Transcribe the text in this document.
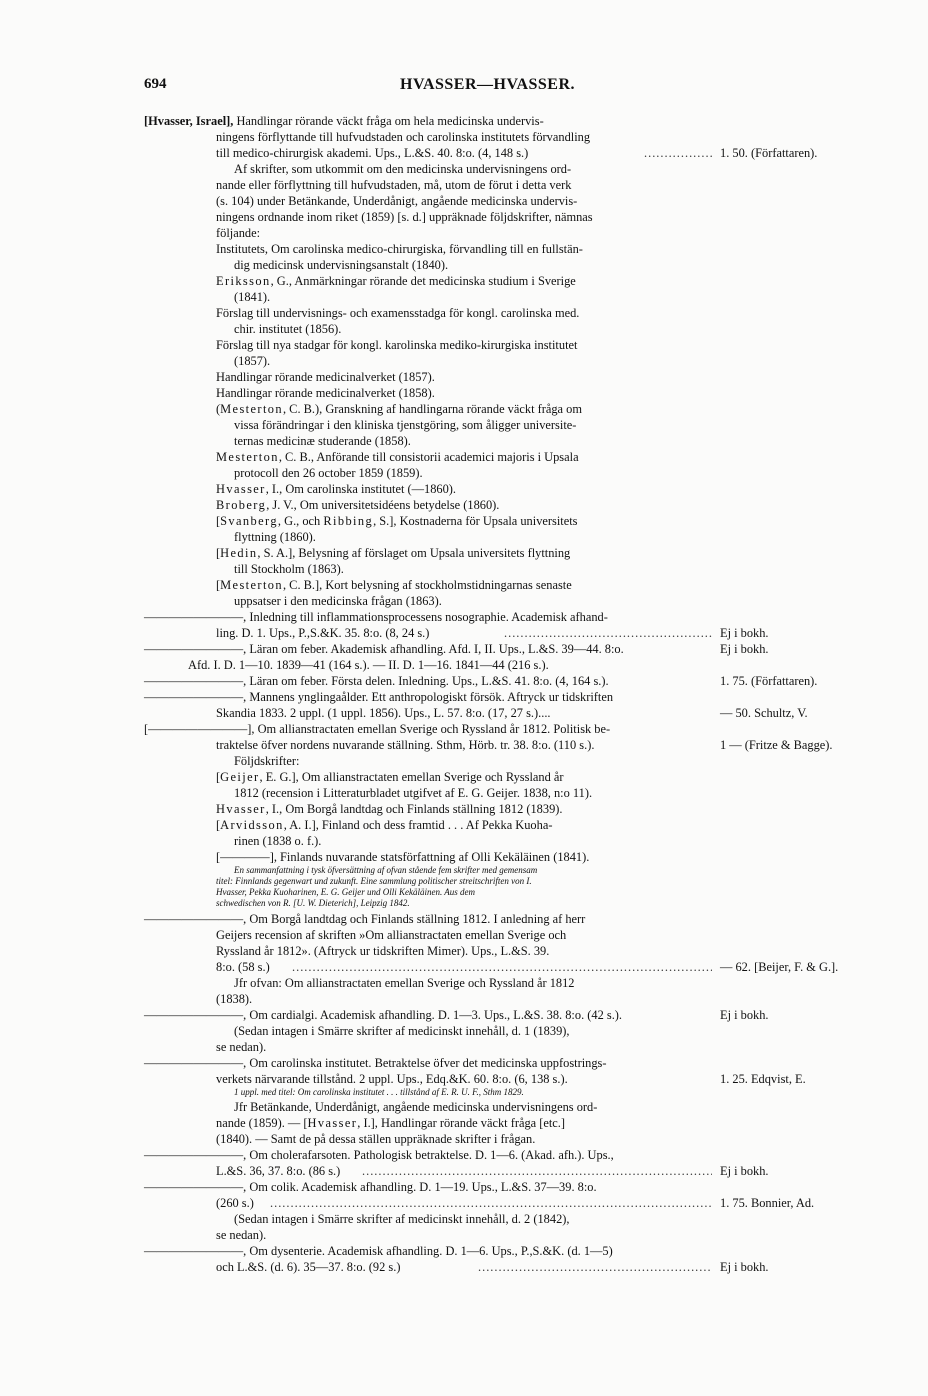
694	HVASSER—HVASSER.
[Hvasser, Israel], Handlingar rörande väckt fråga om hela medicinska undervis-
ningens förflyttande till hufvudstaden och carolinska institutets förvandling
till medico-chirurgisk akademi. Ups., L.&S. 40. 8:o. (4, 148 s.) .....	1. 50. (Författaren).
Af skrifter, som utkommit om den medicinska undervisningens ord-
nande eller förflyttning till hufvudstaden, må, utom de förut i detta verk
(s. 104) under Betänkande, Underdånigt, angående medicinska undervis-
ningens ordnande inom riket (1859) [s. d.] uppräknade följdskrifter, nämnas
följande:
Institutets, Om carolinska medico-chirurgiska, förvandling till en fullstän-
dig medicinsk undervisningsanstalt (1840).
Eriksson, G., Anmärkningar rörande det medicinska studium i Sverige
(1841).
Förslag till undervisnings- och examensstadga för kongl. carolinska med.
chir. institutet (1856).
Förslag till nya stadgar för kongl. karolinska mediko-kirurgiska institutet
(1857).
Handlingar rörande medicinalverket (1857).
Handlingar rörande medicinalverket (1858).
(Mesterton, C. B.), Granskning af handlingarna rörande väckt fråga om
vissa förändringar i den kliniska tjenstgöring, som åligger universite-
ternas medicinæ studerande (1858).
Mesterton, C. B., Anförande till consistorii academici majoris i Upsala
protocoll den 26 october 1859 (1859).
Hvasser, I., Om carolinska institutet (—1860).
Broberg, J. V., Om universitetsidéens betydelse (1860).
[Svanberg, G., och Ribbing, S.], Kostnaderna för Upsala universitets
flyttning (1860).
[Hedin, S. A.], Belysning af förslaget om Upsala universitets flyttning
till Stockholm (1863).
[Mesterton, C. B.], Kort belysning af stockholmstidningarnas senaste
uppsatser i den medicinska frågan (1863).
————————, Inledning till inflammationsprocessens nosographie. Academisk afhand-
ling. D. 1. Ups., P.,S.&K. 35. 8:o. (8, 24 s.) .....	Ej i bokh.
————————, Läran om feber. Akademisk afhandling. Afd. I, II. Ups., L.&S. 39—44. 8:o.	Ej i bokh.
Afd. I. D. 1—10. 1839—41 (164 s.). — II. D. 1—16. 1841—44 (216 s.).
————————, Läran om feber. Första delen. Inledning. Ups., L.&S. 41. 8:o. (4, 164 s.).	1. 75. (Författaren).
————————, Mannens ynglingaålder. Ett anthropologiskt försök. Aftryck ur tidskriften
Skandia 1833. 2 uppl. (1 uppl. 1856). Ups., L. 57. 8:o. (17, 27 s.)....	— 50. Schultz, V.
[————————], Om allianstractaten emellan Sverige och Ryssland år 1812. Politisk be-
traktelse öfver nordens nuvarande ställning. Sthm, Hörb. tr. 38. 8:o. (110 s.).	1 — (Fritze & Bagge).
Följdskrifter:
[Geijer, E. G.], Om allianstractaten emellan Sverige och Ryssland år
1812 (recension i Litteraturbladet utgifvet af E. G. Geijer. 1838, n:o 11).
Hvasser, I., Om Borgå landtdag och Finlands ställning 1812 (1839).
[Arvidsson, A. I.], Finland och dess framtid . . . Af Pekka Kuoha-
rinen (1838 o. f.).
[————], Finlands nuvarande statsförfattning af Olli Kekäläinen (1841).
En sammanfattning i tysk öfversättning af ofvan stående fem skrifter med gemensam
titel: Finnlands gegenwart und zukunft. Eine sammlung politischer streitschriften von I.
Hvasser, Pekka Kuoharinen, E. G. Geijer und Olli Kekäläinen. Aus dem
schwedischen von R. [U. W. Dieterich], Leipzig 1842.
————————, Om Borgå landtdag och Finlands ställning 1812. I anledning af herr
Geijers recension af skriften »Om allianstractaten emellan Sverige och
Ryssland år 1812». (Aftryck ur tidskriften Mimer). Ups., L.&S. 39.
8:o. (58 s.) .....	— 62. [Beijer, F. & G.].
Jfr ofvan: Om allianstractaten emellan Sverige och Ryssland år 1812
(1838).
————————, Om cardialgi. Academisk afhandling. D. 1—3. Ups., L.&S. 38. 8:o. (42 s.).	Ej i bokh.
(Sedan intagen i Smärre skrifter af medicinskt innehåll, d. 1 (1839),
se nedan).
————————, Om carolinska institutet. Betraktelse öfver det medicinska uppfostrings-
verkets närvarande tillstånd. 2 uppl. Ups., Edq.&K. 60. 8:o. (6, 138 s.).	1. 25. Edqvist, E.
1 uppl. med titel: Om carolinska institutet . . . tillstånd af E. R. U. F., Sthm 1829.
Jfr Betänkande, Underdånigt, angående medicinska undervisningens ord-
nande (1859). — [Hvasser, I.], Handlingar rörande väckt fråga [etc.]
(1840). — Samt de på dessa ställen uppräknade skrifter i frågan.
————————, Om cholerafarsoten. Pathologisk betraktelse. D. 1—6. (Akad. afh.). Ups.,
L.&S. 36, 37. 8:o. (86 s.) .....	Ej i bokh.
————————, Om colik. Academisk afhandling. D. 1—19. Ups., L.&S. 37—39. 8:o.
(260 s.) .....	1. 75. Bonnier, Ad.
(Sedan intagen i Smärre skrifter af medicinskt innehåll, d. 2 (1842),
se nedan).
————————, Om dysenterie. Academisk afhandling. D. 1—6. Ups., P.,S.&K. (d. 1—5)
och L.&S. (d. 6). 35—37. 8:o. (92 s.) .....	Ej i bokh.
